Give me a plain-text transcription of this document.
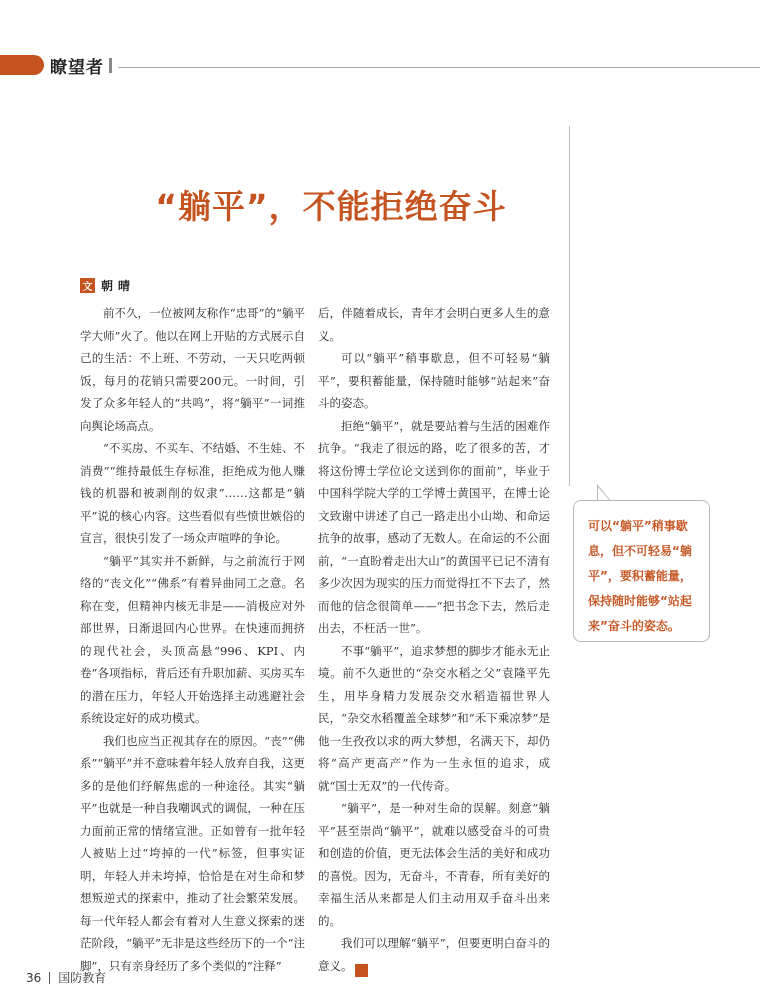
瞭望者
“躺平”，不能拒绝奋斗
文 朝晴

前不久，一位被网友称作“忠哥”的“躺平学大师”火了。他以在网上开贴的方式展示自己的生活：不上班、不劳动，一天只吃两顿饭，每月的花销只需要200元。一时间，引发了众多年轻人的“共鸣”，将“躺平”一词推向舆论场高点。

“不买房、不买车、不结婚、不生娃、不消费”“维持最低生存标准，拒绝成为他人赚钱的机器和被剥削的奴隶”……这都是“躺平”说的核心内容。这些看似有些愤世嫉俗的宣言，很快引发了一场众声喧哗的争论。

“躺平”其实并不新鲜，与之前流行于网络的“丧文化”“佛系”有着异曲同工之意。名称在变，但精神内核无非是——消极应对外部世界，日渐退回内心世界。在快速而拥挤的现代社会，头顶高悬“996、KPI、内卷”各项指标，背后还有升职加薪、买房买车的潜在压力，年轻人开始选择主动逃避社会系统设定好的成功模式。

我们也应当正视其存在的原因。“丧”“佛系”“躺平”并不意味着年轻人放弃自我，这更多的是他们纾解焦虑的一种途径。其实“躺平”也就是一种自我嘲讽式的调侃，一种在压力面前正常的情绪宣泄。正如曾有一批年轻人被贴上过“垮掉的一代”标签，但事实证明，年轻人并未垮掉，恰恰是在对生命和梦想叛逆式的探索中，推动了社会繁荣发展。每一代年轻人都会有着对人生意义探索的迷茫阶段，“躺平”无非是这些经历下的一个“注脚”，只有亲身经历了多个类似的“注释”

后，伴随着成长，青年才会明白更多人生的意义。

可以“躺平”稍事歇息，但不可轻易“躺平”，要积蓄能量，保持随时能够“站起来”奋斗的姿态。

拒绝“躺平”，就是要站着与生活的困难作抗争。“我走了很远的路，吃了很多的苦，才将这份博士学位论文送到你的面前”，毕业于中国科学院大学的工学博士黄国平，在博士论文致谢中讲述了自己一路走出小山坳、和命运抗争的故事，感动了无数人。在命运的不公面前，“一直盼着走出大山”的黄国平已记不清有多少次因为现实的压力而觉得扛不下去了，然而他的信念很简单——“把书念下去，然后走出去，不枉活一世”。

不事“躺平”，追求梦想的脚步才能永无止境。前不久逝世的“杂交水稻之父”袁隆平先生，用毕身精力发展杂交水稻造福世界人民，“杂交水稻覆盖全球梦”和“禾下乘凉梦”是他一生孜孜以求的两大梦想，名满天下，却仍将“高产更高产”作为一生永恒的追求，成就“国士无双”的一代传奇。

“躺平”，是一种对生命的误解。刻意“躺平”甚至崇尚“躺平”，就难以感受奋斗的可贵和创造的价值，更无法体会生活的美好和成功的喜悦。因为，无奋斗，不青春，所有美好的幸福生活从来都是人们主动用双手奋斗出来的。

我们可以理解“躺平”，但要更明白奋斗的意义。	G

可以“躺平”稍事歇息，但不可轻易“躺平”，要积蓄能量，保持随时能够“站起来”奋斗的姿态。
36 国防教育
